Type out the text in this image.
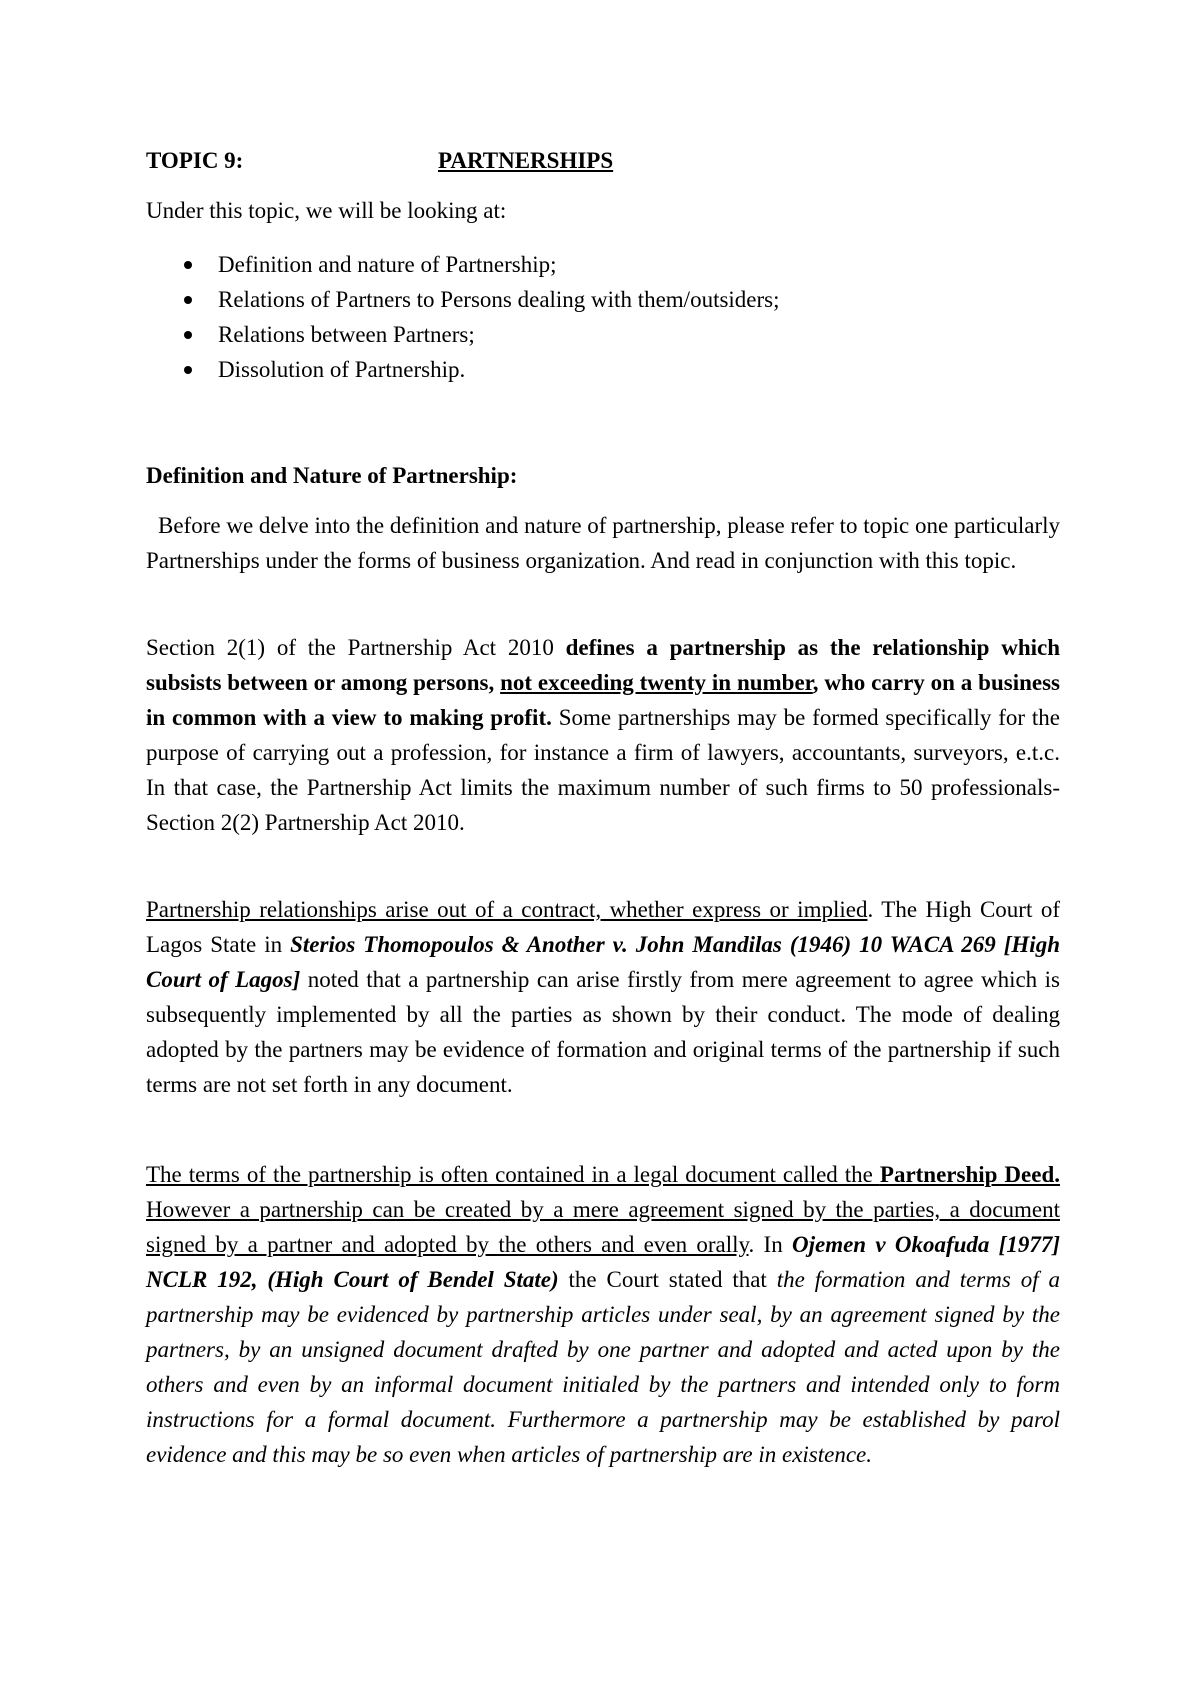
TOPIC 9:	PARTNERSHIPS
Under this topic, we will be looking at:
Definition and nature of Partnership;
Relations of Partners to Persons dealing with them/outsiders;
Relations between Partners;
Dissolution of Partnership.
Definition and Nature of Partnership:

Before we delve into the definition and nature of partnership, please refer to topic one particularly Partnerships under the forms of business organization. And read in conjunction with this topic.

Section 2(1) of the Partnership Act 2010 defines a partnership as the relationship which subsists between or among persons, not exceeding twenty in number, who carry on a business in common with a view to making profit. Some partnerships may be formed specifically for the purpose of carrying out a profession, for instance a firm of lawyers, accountants, surveyors, e.t.c. In that case, the Partnership Act limits the maximum number of such firms to 50 professionals- Section 2(2) Partnership Act 2010.

Partnership relationships arise out of a contract, whether express or implied. The High Court of Lagos State in Sterios Thomopoulos & Another v. John Mandilas (1946) 10 WACA 269 [High Court of Lagos] noted that a partnership can arise firstly from mere agreement to agree which is subsequently implemented by all the parties as shown by their conduct. The mode of dealing adopted by the partners may be evidence of formation and original terms of the partnership if such terms are not set forth in any document.

The terms of the partnership is often contained in a legal document called the Partnership Deed. However a partnership can be created by a mere agreement signed by the parties, a document signed by a partner and adopted by the others and even orally. In Ojemen v Okoafuda [1977] NCLR 192, (High Court of Bendel State) the Court stated that the formation and terms of a partnership may be evidenced by partnership articles under seal, by an agreement signed by the partners, by an unsigned document drafted by one partner and adopted and acted upon by the others and even by an informal document initialed by the partners and intended only to form instructions for a formal document. Furthermore a partnership may be established by parol evidence and this may be so even when articles of partnership are in existence.
